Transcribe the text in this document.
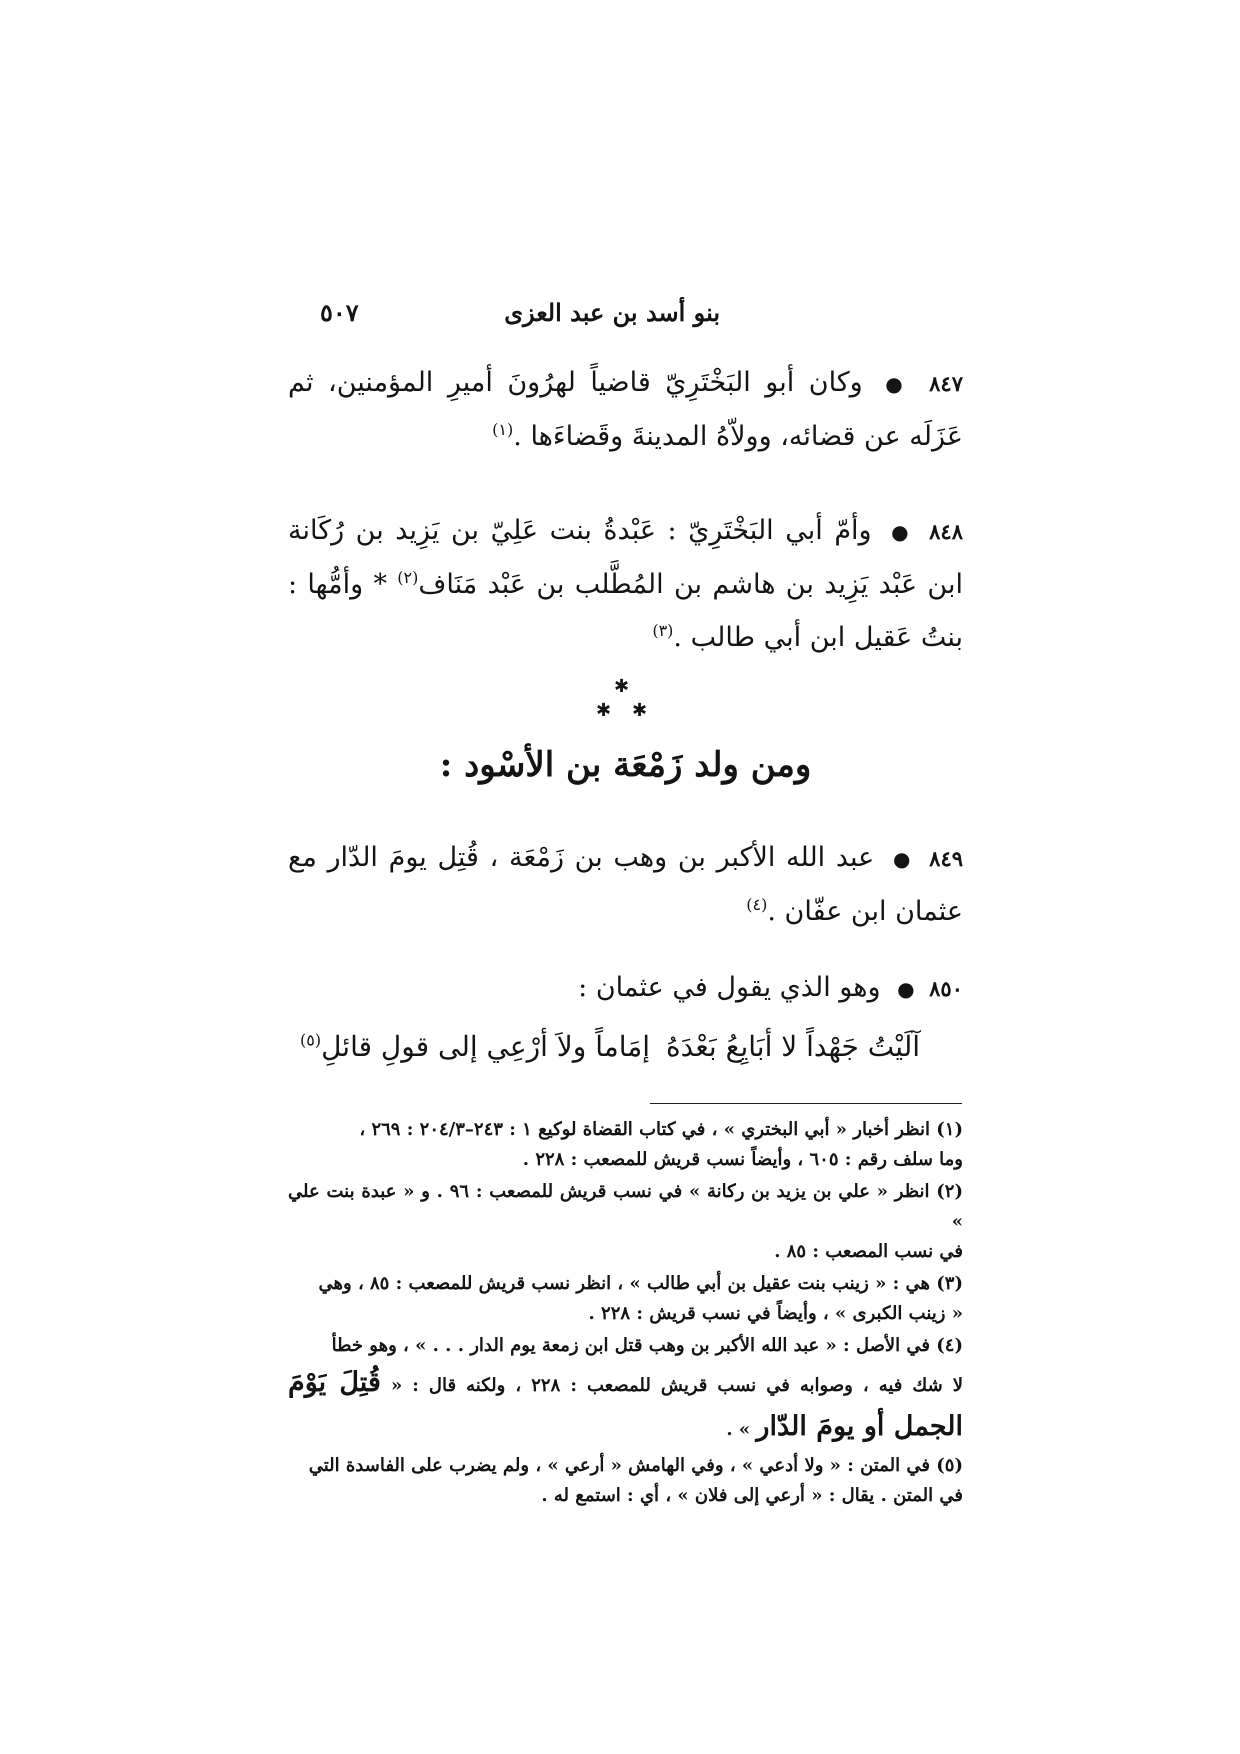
٥٠٧	بنو أسد بن عبد العزى
٨٤٧ ● وكان أبو البَخْتَرِيّ قاضياً لهرُونَ أميرِ المؤمنين، ثم عَزَلَه عن قضائه، وولاّهُ المدينةَ وقَضاءَها .$^{(١)}$
٨٤٨ ● وأمّ أبي البَخْتَرِيّ : عَبْدةُ بنت عَلِيّ بن يَزِيد بن رُكَانة ابن عَبْد يَزِيد بن هاشم بن المُطَّلب بن عَبْد مَنَاف$^{(٢)}$ * وأمُّها : بنتُ عَقيل ابن أبي طالب .$^{(٣)}$
✱
✱ ✱
ومن ولد زَمْعَة بن الأسْود :
٨٤٩ ● عبد الله الأكبر بن وهب بن زَمْعَة ، قُتِل يومَ الدّار مع عثمان ابن عفّان .$^{(٤)}$
٨٥٠ ● وهو الذي يقول في عثمان :
آلَيْتُ جَهْداً لا أبَايِعُ بَعْدَهُ
إمَاماً ولاَ أرْعِي إلى قولِ قائلِ$^{(٥)}$

(١) انظر أخبار « أبي البختري » ، في كتاب القضاة لوكيع ١ : ٢٤٣–٢٠٤/٣ : ٢٦٩ ،
وما سلف رقم : ٦٠٥ ، وأيضاً نسب قريش للمصعب : ٢٢٨ .

(٢) انظر « علي بن يزيد بن ركانة » في نسب قريش للمصعب : ٩٦ . و « عبدة بنت علي »
في نسب المصعب : ٨٥ .

(٣) هي : « زينب بنت عقيل بن أبي طالب » ، انظر نسب قريش للمصعب : ٨٥ ، وهي
« زينب الكبرى » ، وأيضاً في نسب قريش : ٢٢٨ .

(٤) في الأصل : « عبد الله الأكبر بن وهب قتل ابن زمعة يوم الدار . . . » ، وهو خطأ
لا شك فيه ، وصوابه في نسب قريش للمصعب : ٢٢٨ ، ولكنه قال : « قُتِلَ يَوْمَ الجمل أو يومَ الدّار » .

(٥) في المتن : « ولا أدعي » ، وفي الهامش « أرعي » ، ولم يضرب على الفاسدة التي
في المتن . يقال : « أرعي إلى فلان » ، أي : استمع له .
